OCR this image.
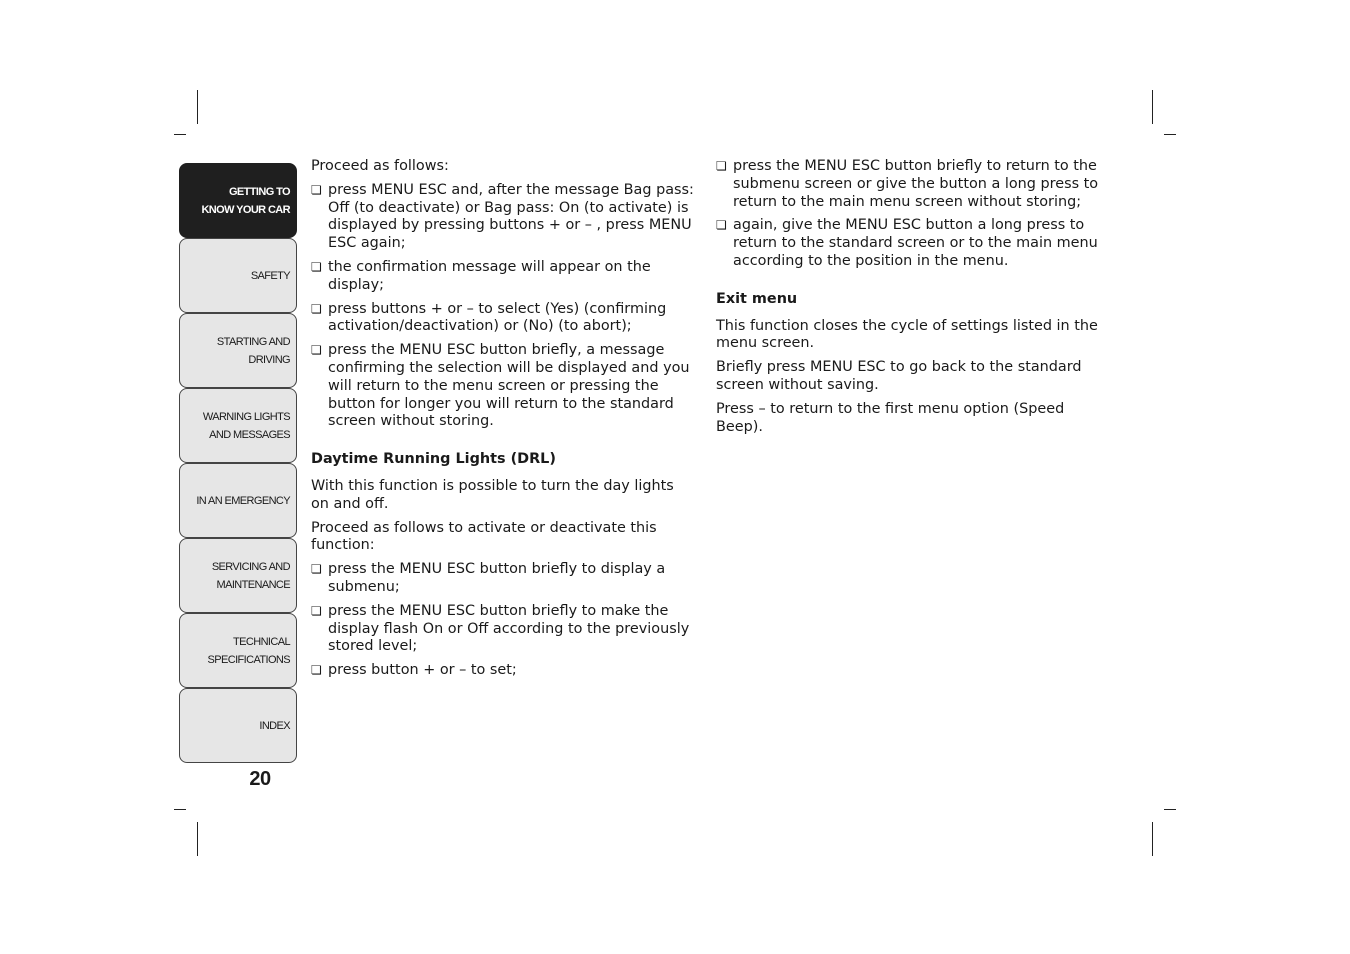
GETTING TO
KNOW YOUR CAR
SAFETY
STARTING AND
DRIVING
WARNING LIGHTS
AND MESSAGES
IN AN EMERGENCY
SERVICING AND
MAINTENANCE
TECHNICAL
SPECIFICATIONS
INDEX
20

Proceed as follows:

❏ press MENU ESC and, after the message Bag pass: Off (to deactivate) or Bag pass: On (to activate) is displayed by pressing buttons + or – , press MENU ESC again;
❏ the confirmation message will appear on the display;
❏ press buttons + or – to select (Yes) (confirming activation/deactivation) or (No) (to abort);
❏ press the MENU ESC button briefly, a message confirming the selection will be displayed and you will return to the menu screen or pressing the button for longer you will return to the standard screen without storing.
Daytime Running Lights (DRL)

With this function is possible to turn the day lights on and off.

Proceed as follows to activate or deactivate this function:

❏ press the MENU ESC button briefly to display a submenu;
❏ press the MENU ESC button briefly to make the display flash On or Off according to the previously stored level;
❏ press button + or – to set;
❏ press the MENU ESC button briefly to return to the submenu screen or give the button a long press to return to the main menu screen without storing;
❏ again, give the MENU ESC button a long press to return to the standard screen or to the main menu according to the position in the menu.
Exit menu

This function closes the cycle of settings listed in the menu screen.

Briefly press MENU ESC to go back to the standard screen without saving.

Press – to return to the first menu option (Speed Beep).
